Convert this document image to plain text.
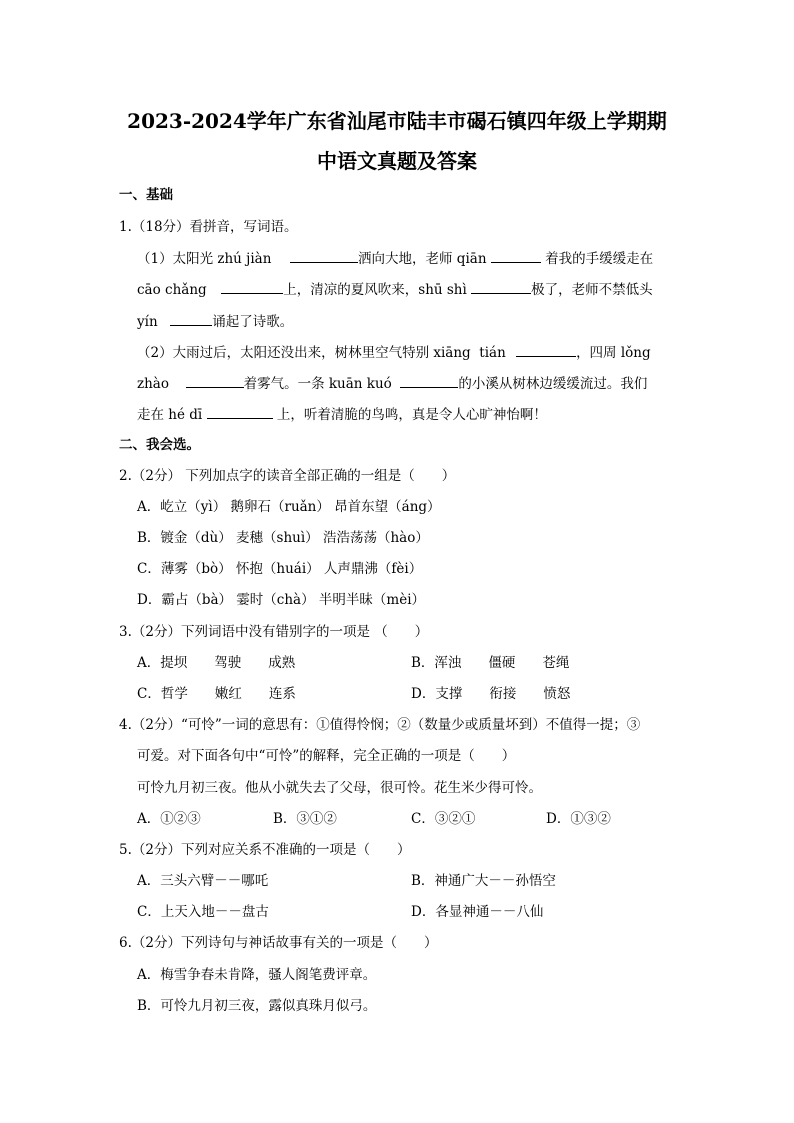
2023-2024学年广东省汕尾市陆丰市碣石镇四年级上学期期
中语文真题及答案
一、基础
1.（18分）看拼音，写词语。
（1）太阳光 zhú jiàn	洒向大地，老师 qiān	着我的手缓缓走在
cāo chǎng	上，清凉的夏风吹来，shū shì	极了，老师不禁低头
yín	诵起了诗歌。
（2）大雨过后，太阳还没出来，树林里空气特别 xiāng  tián	，四周 lǒng
zhào	着雾气。一条 kuān kuó	的小溪从树林边缓缓流过。我们
走在 hé dī	上，听着清脆的鸟鸣，真是令人心旷神怡啊！
二、我会选。
2.（2分） 下列加点字的读音全部正确的一组是（　　）
A．屹立（yì） 鹅卵石（ruǎn） 昂首东望（áng）
B．镀金（dù） 麦穗（shuì） 浩浩荡荡（hào）
C．薄雾（bò） 怀抱（huái） 人声鼎沸（fèi）
D．霸占（bà） 霎时（chà） 半明半昧（mèi）
3.（2分）下列词语中没有错别字的一项是 （　　）
A．提坝　　驾驶　　成熟	B．浑浊　　僵硬　　苍绳
C．哲学　　嫩红　　连系	D．支撑　　衔接　　愤怒
4.（2分）“可怜”一词的意思有：①值得怜悯；②（数量少或质量坏到）不值得一提；③
可爱。对下面各句中“可怜”的解释，完全正确的一项是（　　）
可怜九月初三夜。他从小就失去了父母，很可怜。花生米少得可怜。
A．①②③	B．③①②	C．③②①	D．①③②
5.（2分）下列对应关系不准确的一项是（　　）
A．三头六臂－－哪吒	B．神通广大－－孙悟空
C．上天入地－－盘古	D．各显神通－－八仙
6.（2分）下列诗句与神话故事有关的一项是（　　）
A．梅雪争春未肯降，骚人阁笔费评章。
B．可怜九月初三夜，露似真珠月似弓。
